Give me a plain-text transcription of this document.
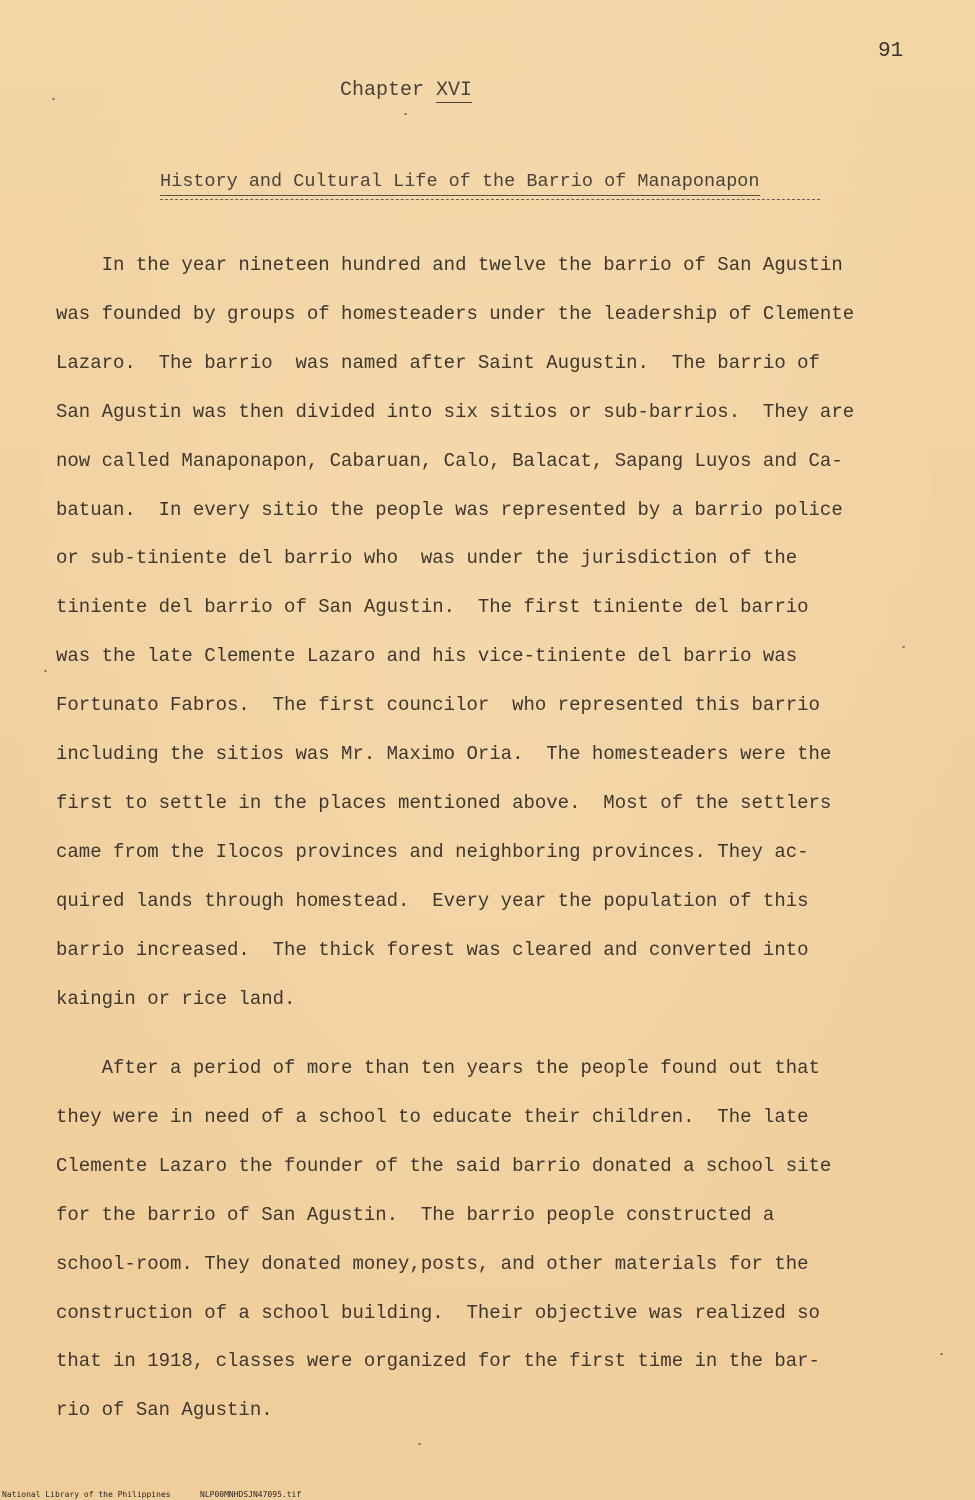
91
Chapter XVI
History and Cultural Life of the Barrio of Manaponapon
In the year nineteen hundred and twelve the barrio of San Agustin
was founded by groups of homesteaders under the leadership of Clemente
Lazaro.  The barrio  was named after Saint Augustin.  The barrio of
San Agustin was then divided into six sitios or sub-barrios.  They are
now called Manaponapon, Cabaruan, Calo, Balacat, Sapang Luyos and Ca-
batuan.  In every sitio the people was represented by a barrio police
or sub-tiniente del barrio who  was under the jurisdiction of the
tiniente del barrio of San Agustin.  The first tiniente del barrio
was the late Clemente Lazaro and his vice-tiniente del barrio was
Fortunato Fabros.  The first councilor  who represented this barrio
including the sitios was Mr. Maximo Oria.  The homesteaders were the
first to settle in the places mentioned above.  Most of the settlers
came from the Ilocos provinces and neighboring provinces. They ac-
quired lands through homestead.  Every year the population of this
barrio increased.  The thick forest was cleared and converted into
kaingin or rice land.
After a period of more than ten years the people found out that
they were in need of a school to educate their children.  The late
Clemente Lazaro the founder of the said barrio donated a school site
for the barrio of San Agustin.  The barrio people constructed a
school-room. They donated money,posts, and other materials for the
construction of a school building.  Their objective was realized so
that in 1918, classes were organized for the first time in the bar-
rio of San Agustin.
National Library of the Philippines	NLP00MNHDSJN47095.tif
